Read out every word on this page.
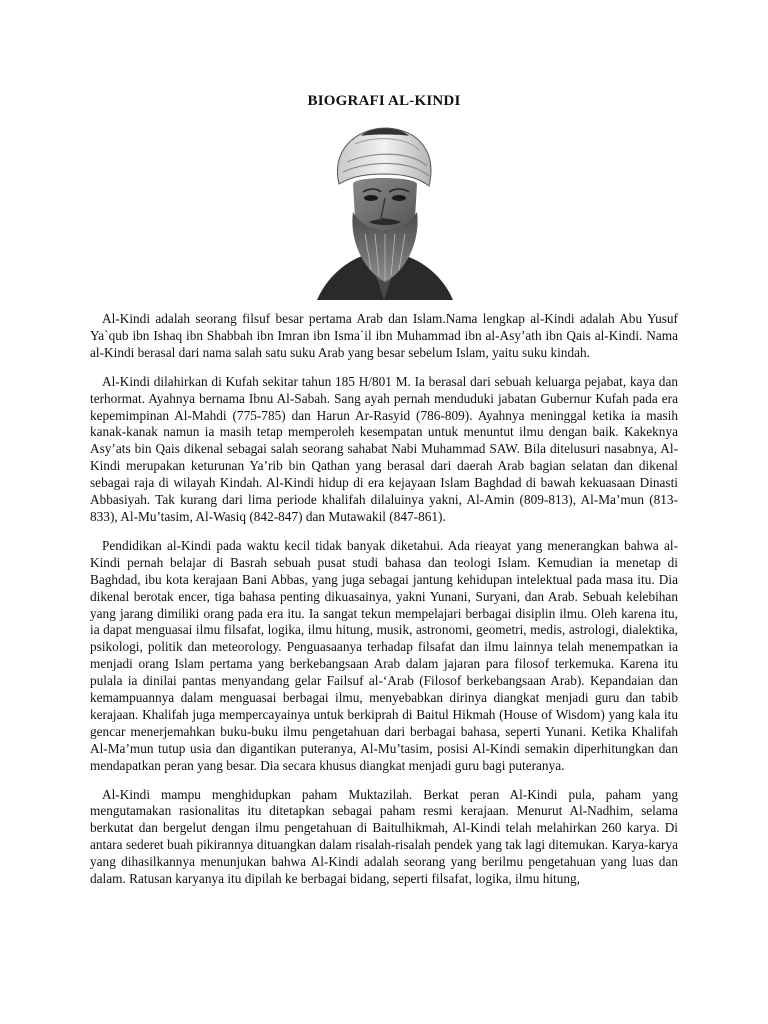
BIOGRAFI AL-KINDI

Al-Kindi adalah seorang filsuf besar pertama Arab dan Islam.Nama lengkap al-Kindi adalah Abu Yusuf Ya`qub ibn Ishaq ibn Shabbah ibn Imran ibn Isma`il ibn Muhammad ibn al-Asy’ath ibn Qais al-Kindi. Nama al-Kindi berasal dari nama salah satu suku Arab yang besar sebelum Islam, yaitu suku kindah.

Al-Kindi dilahirkan di Kufah sekitar tahun 185 H/801 M. Ia berasal dari sebuah keluarga pejabat, kaya dan terhormat. Ayahnya bernama Ibnu Al-Sabah. Sang ayah pernah menduduki jabatan Gubernur Kufah pada era kepemimpinan Al-Mahdi (775-785) dan Harun Ar-Rasyid (786-809). Ayahnya meninggal ketika ia masih kanak-kanak namun ia masih tetap memperoleh kesempatan untuk menuntut ilmu dengan baik. Kakeknya Asy’ats bin Qais dikenal sebagai salah seorang sahabat Nabi Muhammad SAW. Bila ditelusuri nasabnya, Al-Kindi merupakan keturunan Ya’rib bin Qathan yang berasal dari daerah Arab bagian selatan dan dikenal sebagai raja di wilayah Kindah. Al-Kindi hidup di era kejayaan Islam Baghdad di bawah kekuasaan Dinasti Abbasiyah. Tak kurang dari lima periode khalifah dilaluinya yakni, Al-Amin (809-813), Al-Ma’mun (813-833), Al-Mu’tasim, Al-Wasiq (842-847) dan Mutawakil (847-861).

Pendidikan al-Kindi pada waktu kecil tidak banyak diketahui. Ada rieayat yang menerangkan bahwa al-Kindi pernah belajar di Basrah sebuah pusat studi bahasa dan teologi Islam. Kemudian ia menetap di Baghdad, ibu kota kerajaan Bani Abbas, yang juga sebagai jantung kehidupan intelektual pada masa itu. Dia dikenal berotak encer, tiga bahasa penting dikuasainya, yakni Yunani, Suryani, dan Arab. Sebuah kelebihan yang jarang dimiliki orang pada era itu. Ia sangat tekun mempelajari berbagai disiplin ilmu. Oleh karena itu, ia dapat menguasai ilmu filsafat, logika, ilmu hitung, musik, astronomi, geometri, medis, astrologi, dialektika, psikologi, politik dan meteorology. Penguasaanya terhadap filsafat dan ilmu lainnya telah menempatkan ia menjadi orang Islam pertama yang berkebangsaan Arab dalam jajaran para filosof terkemuka. Karena itu pulala ia dinilai pantas menyandang gelar Failsuf al-‘Arab (Filosof berkebangsaan Arab). Kepandaian dan kemampuannya dalam menguasai berbagai ilmu, menyebabkan dirinya diangkat menjadi guru dan tabib kerajaan. Khalifah juga mempercayainya untuk berkiprah di Baitul Hikmah (House of Wisdom) yang kala itu gencar menerjemahkan buku-buku ilmu pengetahuan dari berbagai bahasa, seperti Yunani. Ketika Khalifah Al-Ma’mun tutup usia dan digantikan puteranya, Al-Mu’tasim, posisi Al-Kindi semakin diperhitungkan dan mendapatkan peran yang besar. Dia secara khusus diangkat menjadi guru bagi puteranya.

Al-Kindi mampu menghidupkan paham Muktazilah. Berkat peran Al-Kindi pula, paham yang mengutamakan rasionalitas itu ditetapkan sebagai paham resmi kerajaan. Menurut Al-Nadhim, selama berkutat dan bergelut dengan ilmu pengetahuan di Baitulhikmah, Al-Kindi telah melahirkan 260 karya. Di antara sederet buah pikirannya dituangkan dalam risalah-risalah pendek yang tak lagi ditemukan. Karya-karya yang dihasilkannya menunjukan bahwa Al-Kindi adalah seorang yang berilmu pengetahuan yang luas dan dalam. Ratusan karyanya itu dipilah ke berbagai bidang, seperti filsafat, logika, ilmu hitung,
